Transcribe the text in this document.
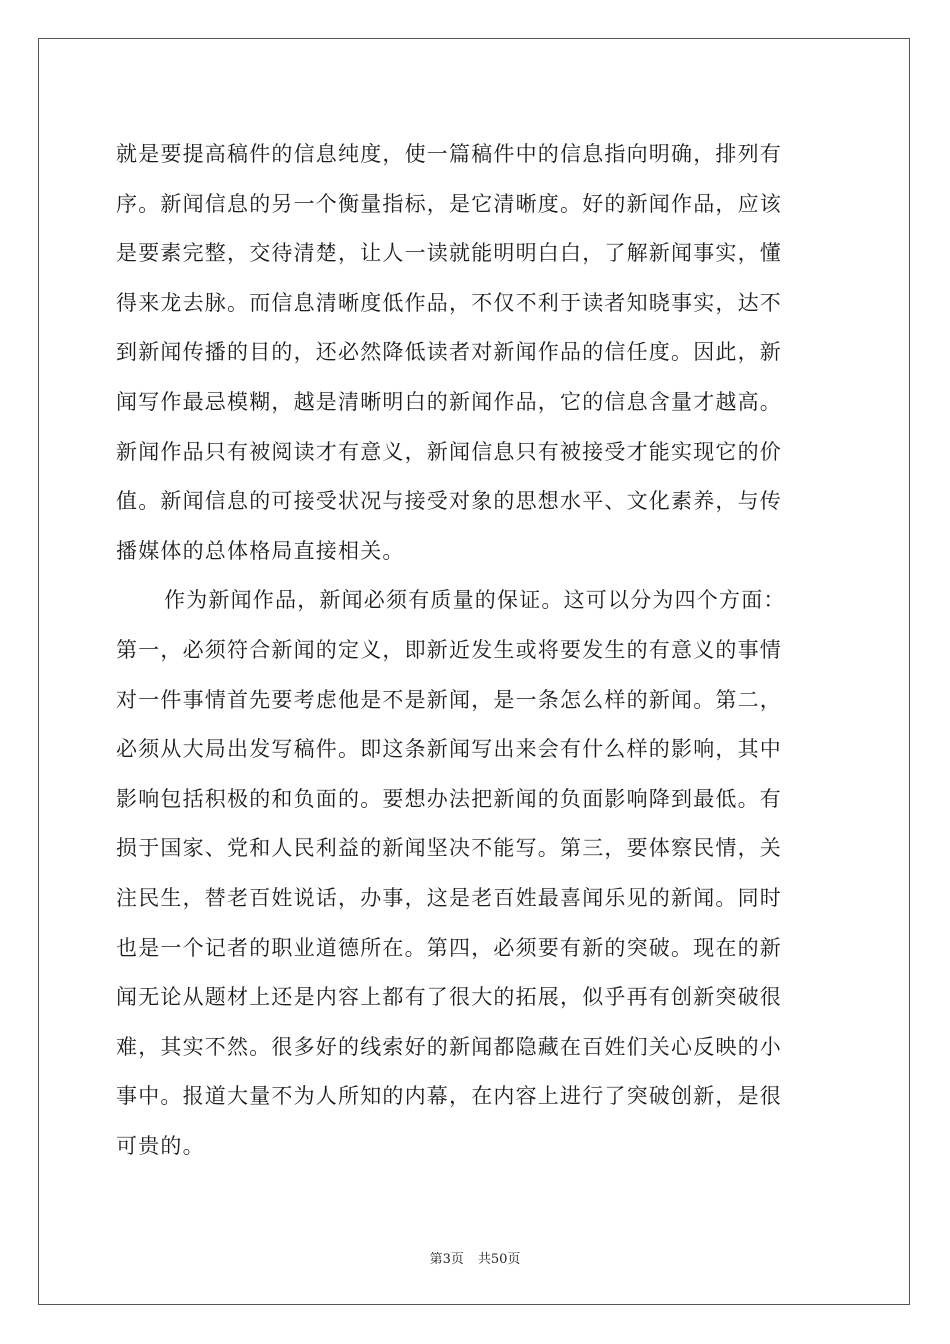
就是要提高稿件的信息纯度，使一篇稿件中的信息指向明确，排列有
序。新闻信息的另一个衡量指标，是它清晰度。好的新闻作品，应该
是要素完整，交待清楚，让人一读就能明明白白，了解新闻事实，懂
得来龙去脉。而信息清晰度低作品，不仅不利于读者知晓事实，达不
到新闻传播的目的，还必然降低读者对新闻作品的信任度。因此，新
闻写作最忌模糊，越是清晰明白的新闻作品，它的信息含量才越高。
新闻作品只有被阅读才有意义，新闻信息只有被接受才能实现它的价
值。新闻信息的可接受状况与接受对象的思想水平、文化素养，与传
播媒体的总体格局直接相关。
作为新闻作品，新闻必须有质量的保证。这可以分为四个方面：
第一，必须符合新闻的定义，即新近发生或将要发生的有意义的事情
对一件事情首先要考虑他是不是新闻，是一条怎么样的新闻。第二，
必须从大局出发写稿件。即这条新闻写出来会有什么样的影响，其中
影响包括积极的和负面的。要想办法把新闻的负面影响降到最低。有
损于国家、党和人民利益的新闻坚决不能写。第三，要体察民情，关
注民生，替老百姓说话，办事，这是老百姓最喜闻乐见的新闻。同时
也是一个记者的职业道德所在。第四，必须要有新的突破。现在的新
闻无论从题材上还是内容上都有了很大的拓展，似乎再有创新突破很
难，其实不然。很多好的线索好的新闻都隐藏在百姓们关心反映的小
事中。报道大量不为人所知的内幕，在内容上进行了突破创新，是很
可贵的。
第3页 共50页
